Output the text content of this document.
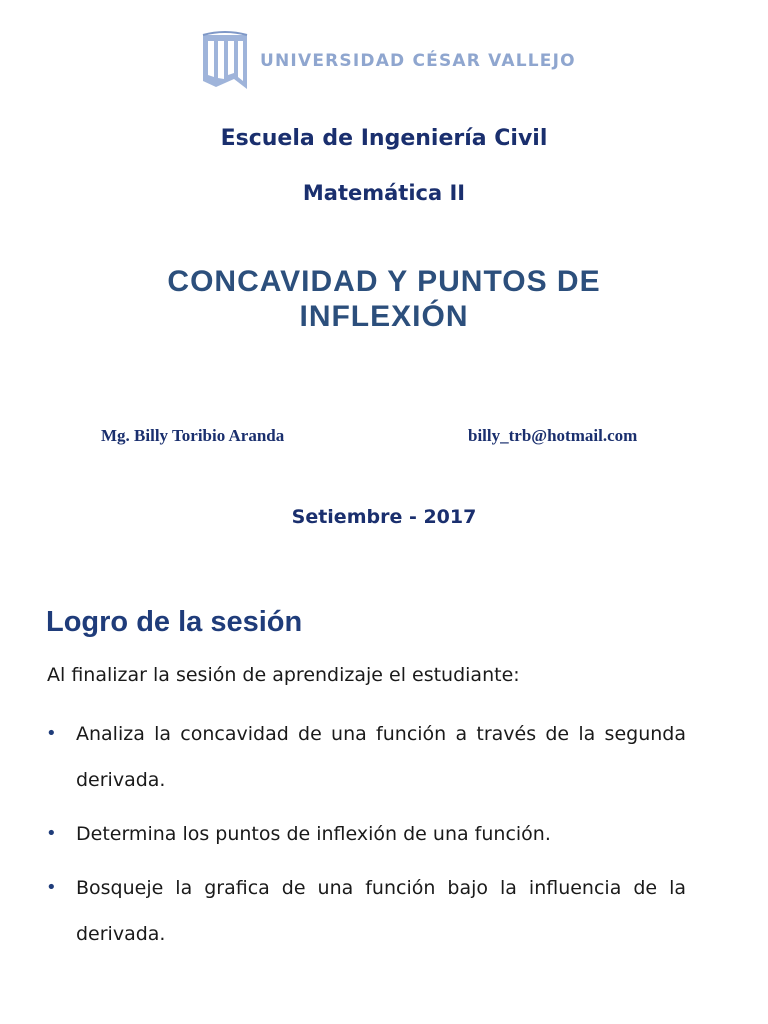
UNIVERSIDAD CÉSAR VALLEJO
Escuela de Ingeniería Civil
Matemática II
CONCAVIDAD Y PUNTOS DE
INFLEXIÓN
Mg. Billy Toribio Aranda	billy_trb@hotmail.com
Setiembre - 2017
Logro de la sesión
Al finalizar la sesión de aprendizaje el estudiante:
• Analiza la concavidad de una función a través de la segunda derivada.
• Determina los puntos de inflexión de una función.
• Bosqueje la grafica de una función bajo la influencia de la derivada.
